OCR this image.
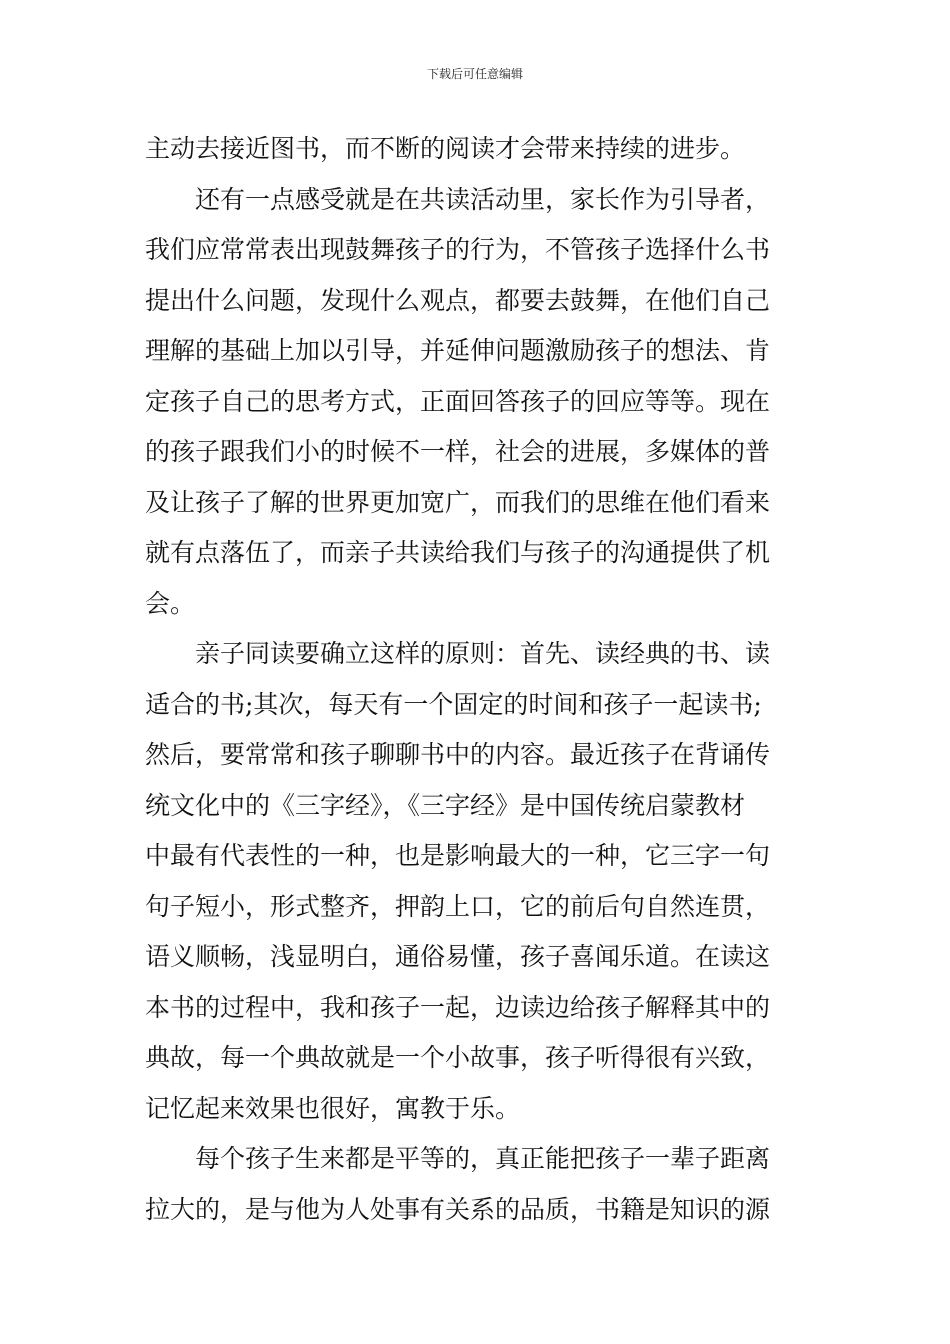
下载后可任意编辑
主动去接近图书，而不断的阅读才会带来持续的进步。
还有一点感受就是在共读活动里，家长作为引导者，
我们应常常表出现鼓舞孩子的行为，不管孩子选择什么书
提出什么问题，发现什么观点，都要去鼓舞，在他们自己
理解的基础上加以引导，并延伸问题激励孩子的想法、肯
定孩子自己的思考方式，正面回答孩子的回应等等。现在
的孩子跟我们小的时候不一样，社会的进展，多媒体的普
及让孩子了解的世界更加宽广，而我们的思维在他们看来
就有点落伍了，而亲子共读给我们与孩子的沟通提供了机
会。
亲子同读要确立这样的原则：首先、读经典的书、读
适合的书;其次，每天有一个固定的时间和孩子一起读书;
然后，要常常和孩子聊聊书中的内容。最近孩子在背诵传
统文化中的《三字经》，《三字经》是中国传统启蒙教材
中最有代表性的一种，也是影响最大的一种，它三字一句
句子短小，形式整齐，押韵上口，它的前后句自然连贯，
语义顺畅，浅显明白，通俗易懂，孩子喜闻乐道。在读这
本书的过程中，我和孩子一起，边读边给孩子解释其中的
典故，每一个典故就是一个小故事，孩子听得很有兴致，
记忆起来效果也很好，寓教于乐。
每个孩子生来都是平等的，真正能把孩子一辈子距离
拉大的，是与他为人处事有关系的品质，书籍是知识的源
